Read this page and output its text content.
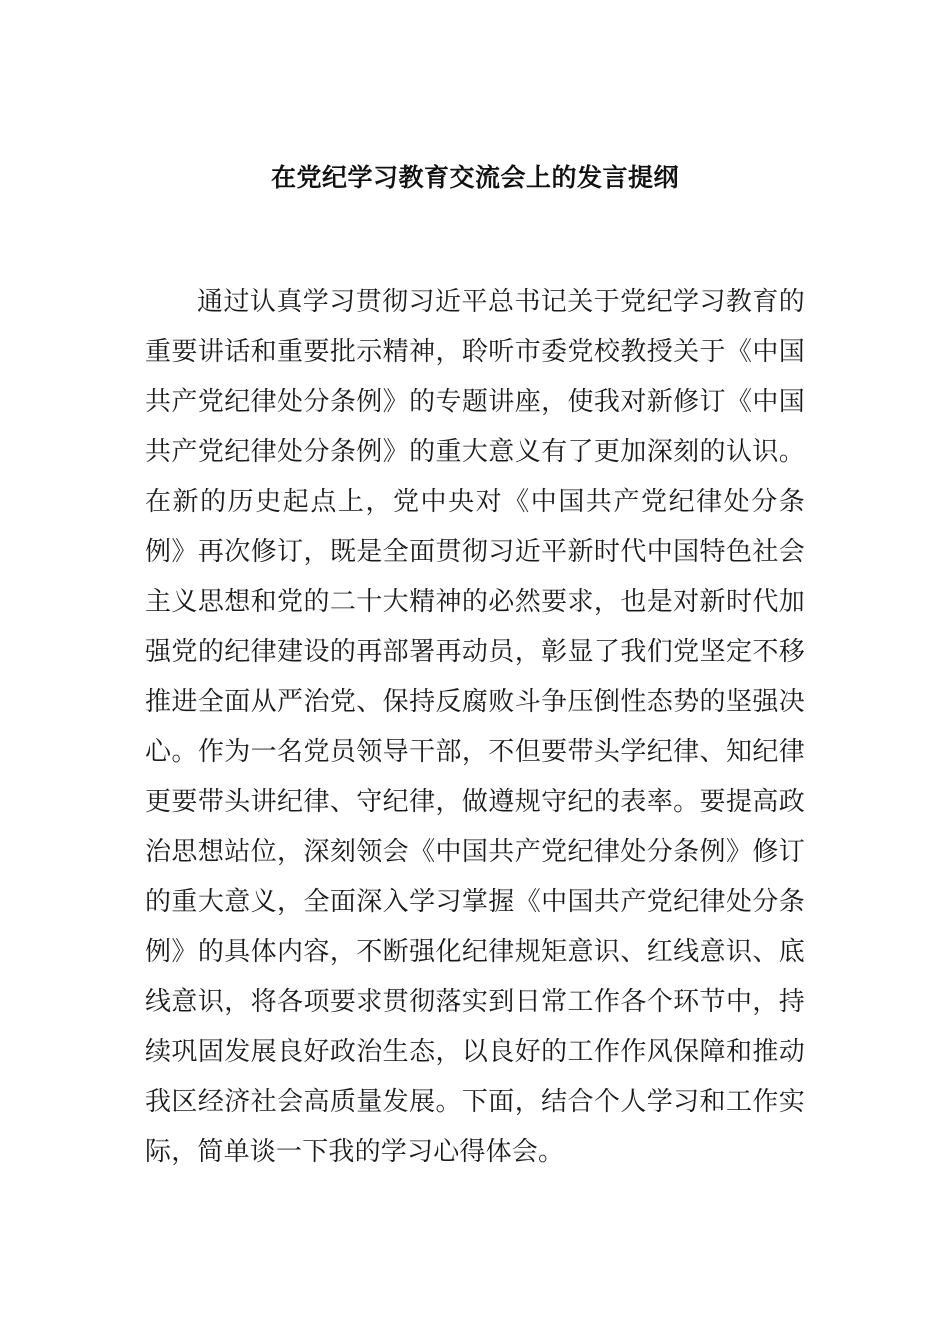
在党纪学习教育交流会上的发言提纲

通过认真学习贯彻习近平总书记关于党纪学习教育的重要讲话和重要批示精神，聆听市委党校教授关于《中国共产党纪律处分条例》的专题讲座，使我对新修订《中国共产党纪律处分条例》的重大意义有了更加深刻的认识。在新的历史起点上，党中央对《中国共产党纪律处分条例》再次修订，既是全面贯彻习近平新时代中国特色社会主义思想和党的二十大精神的必然要求，也是对新时代加强党的纪律建设的再部署再动员，彰显了我们党坚定不移推进全面从严治党、保持反腐败斗争压倒性态势的坚强决心。作为一名党员领导干部，不但要带头学纪律、知纪律更要带头讲纪律、守纪律，做遵规守纪的表率。要提高政治思想站位，深刻领会《中国共产党纪律处分条例》修订的重大意义，全面深入学习掌握《中国共产党纪律处分条例》的具体内容，不断强化纪律规矩意识、红线意识、底线意识，将各项要求贯彻落实到日常工作各个环节中，持续巩固发展良好政治生态，以良好的工作作风保障和推动我区经济社会高质量发展。下面，结合个人学习和工作实际，简单谈一下我的学习心得体会。
